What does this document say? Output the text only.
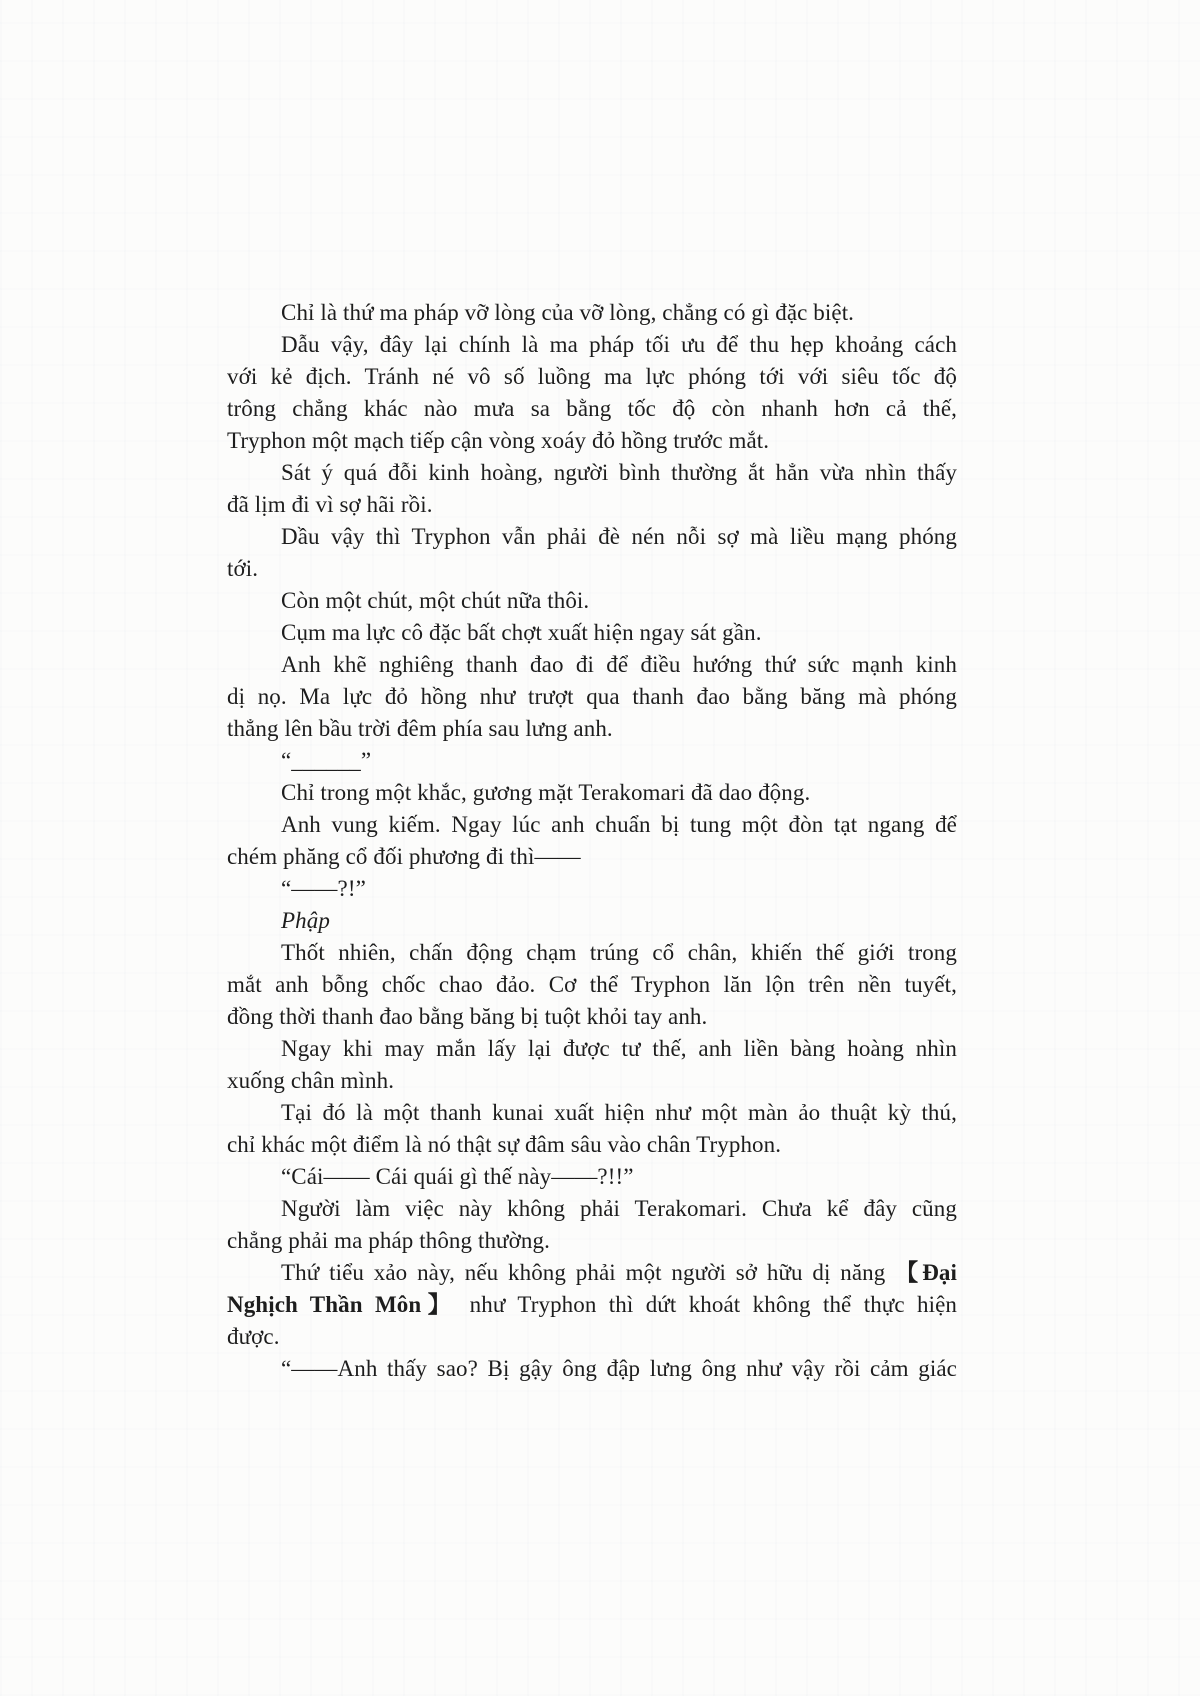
Chỉ là thứ ma pháp vỡ lòng của vỡ lòng, chẳng có gì đặc biệt.
Dẫu vậy, đây lại chính là ma pháp tối ưu để thu hẹp khoảng cách
với kẻ địch. Tránh né vô số luồng ma lực phóng tới với siêu tốc độ
trông chẳng khác nào mưa sa bằng tốc độ còn nhanh hơn cả thế,
Tryphon một mạch tiếp cận vòng xoáy đỏ hồng trước mắt.
Sát ý quá đỗi kinh hoàng, người bình thường ắt hẳn vừa nhìn thấy
đã lịm đi vì sợ hãi rồi.
Dầu vậy thì Tryphon vẫn phải đè nén nỗi sợ mà liều mạng phóng
tới.
Còn một chút, một chút nữa thôi.
Cụm ma lực cô đặc bất chợt xuất hiện ngay sát gần.
Anh khẽ nghiêng thanh đao đi để điều hướng thứ sức mạnh kinh
dị nọ. Ma lực đỏ hồng như trượt qua thanh đao bằng băng mà phóng
thẳng lên bầu trời đêm phía sau lưng anh.
“______”
Chỉ trong một khắc, gương mặt Terakomari đã dao động.
Anh vung kiếm. Ngay lúc anh chuẩn bị tung một đòn tạt ngang để
chém phăng cổ đối phương đi thì——
“——?!”
Phập
Thốt nhiên, chấn động chạm trúng cổ chân, khiến thế giới trong
mắt anh bỗng chốc chao đảo. Cơ thể Tryphon lăn lộn trên nền tuyết,
đồng thời thanh đao bằng băng bị tuột khỏi tay anh.
Ngay khi may mắn lấy lại được tư thế, anh liền bàng hoàng nhìn
xuống chân mình.
Tại đó là một thanh kunai xuất hiện như một màn ảo thuật kỳ thú,
chỉ khác một điểm là nó thật sự đâm sâu vào chân Tryphon.
“Cái—— Cái quái gì thế này——?!!”
Người làm việc này không phải Terakomari. Chưa kể đây cũng
chẳng phải ma pháp thông thường.
Thứ tiểu xảo này, nếu không phải một người sở hữu dị năng 【Đại
Nghịch Thần Môn】 như Tryphon thì dứt khoát không thể thực hiện
được.
“——Anh thấy sao? Bị gậy ông đập lưng ông như vậy rồi cảm giác
